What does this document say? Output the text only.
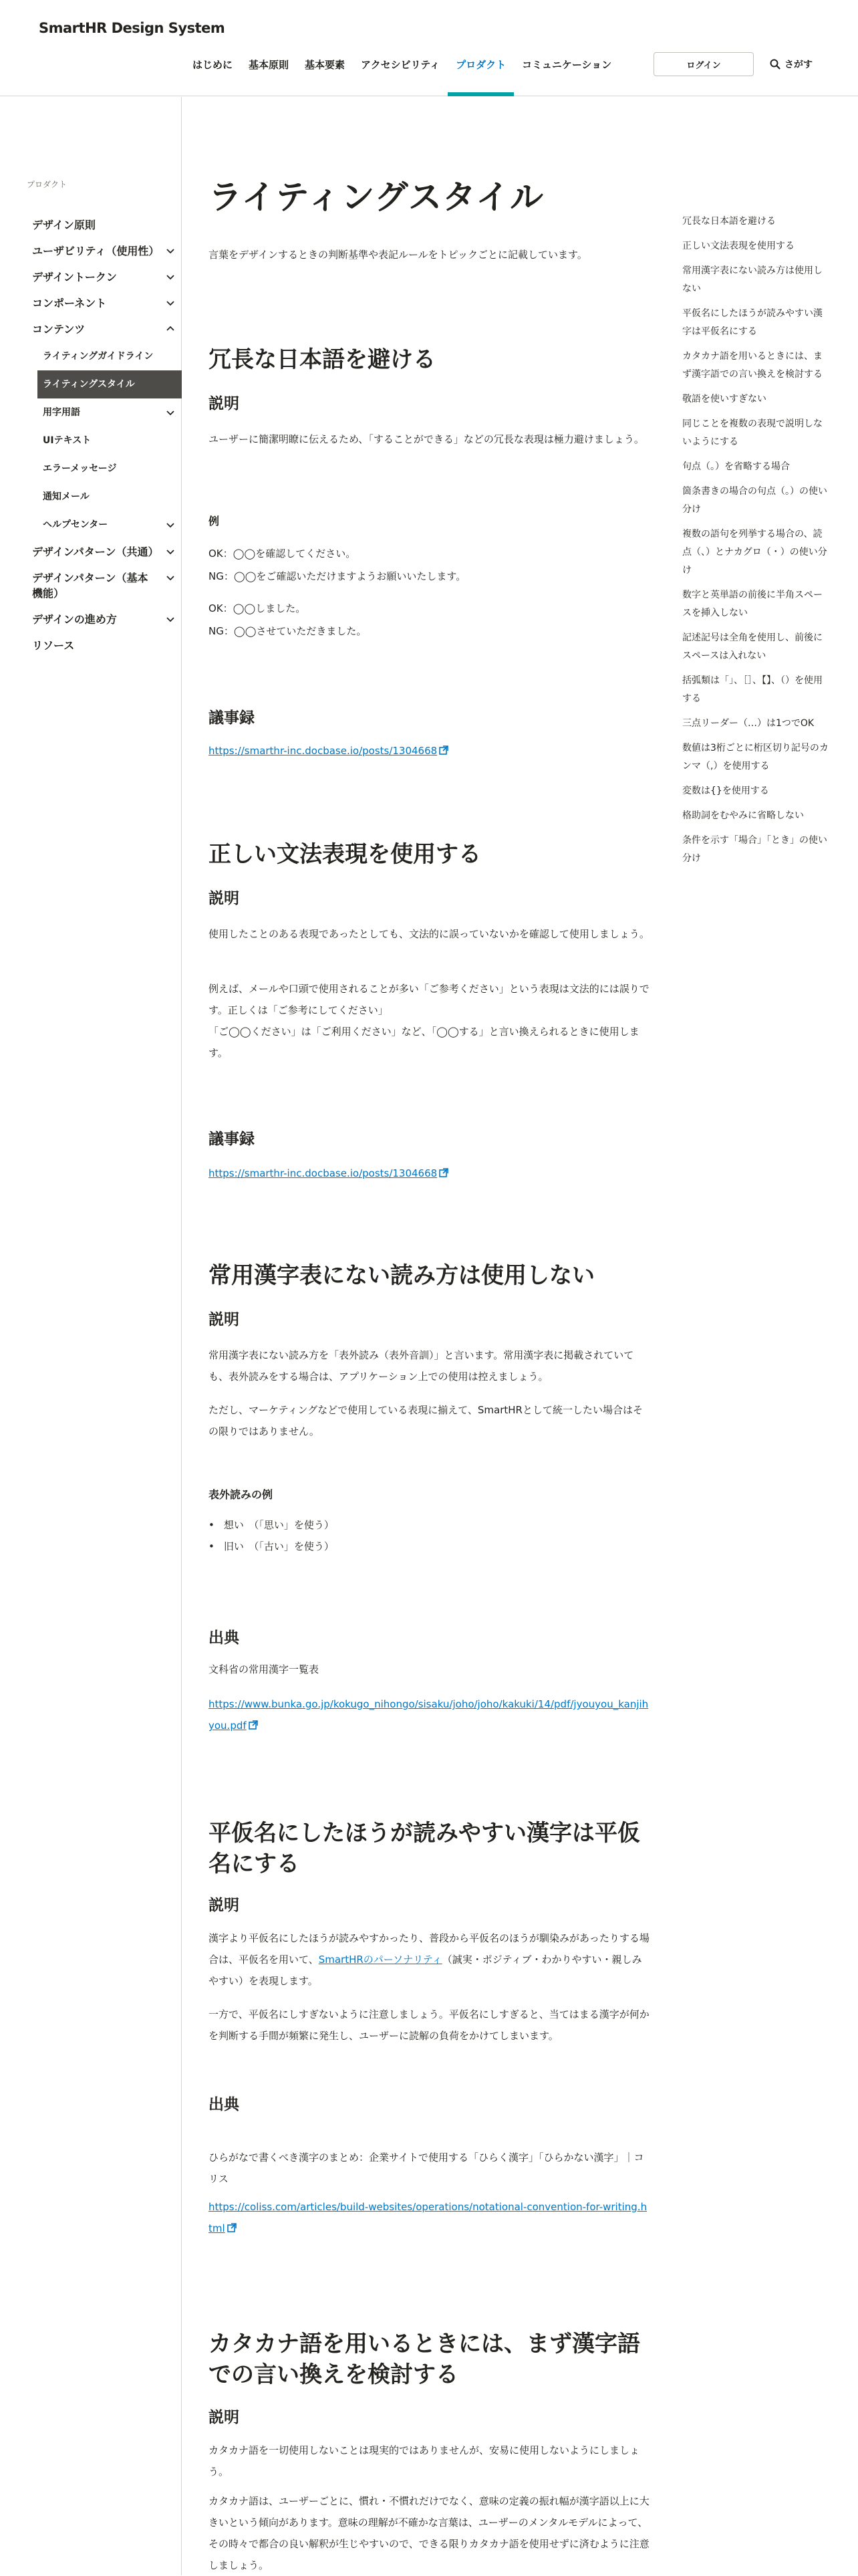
SmartHR Design System
はじめに	基本原則	基本要素	アクセシビリティ	プロダクト	コミュニケーション	ログイン	さがす
プロダクト
デザイン原則
ユーザビリティ（使用性）
デザイントークン
コンポーネント
コンテンツ
ライティングガイドライン
ライティングスタイル
用字用語
UIテキスト
エラーメッセージ
通知メール
ヘルプセンター
デザインパターン（共通）
デザインパターン（基本機能）
デザインの進め方
リソース
ライティングスタイル

言葉をデザインするときの判断基準や表記ルールをトピックごとに記載しています。

冗長な日本語を避ける
説明

ユーザーに簡潔明瞭に伝えるため、「することができる」などの冗長な表現は極力避けましょう。

例

OK：◯◯を確認してください。

NG：◯◯をご確認いただけますようお願いいたします。

OK：◯◯しました。

NG：◯◯させていただきました。

議事録

https://smarthr-inc.docbase.io/posts/1304668

正しい文法表現を使用する
説明

使用したことのある表現であったとしても、文法的に誤っていないかを確認して使用しましょう。

例えば、メールや口頭で使用されることが多い「ご参考ください」という表現は文法的には誤りです。正しくは「ご参考にしてください」

「ご◯◯ください」は「ご利用ください」など、「◯◯する」と言い換えられるときに使用します。

議事録

https://smarthr-inc.docbase.io/posts/1304668

常用漢字表にない読み方は使用しない
説明

常用漢字表にない読み方を「表外読み（表外音訓）」と言います。常用漢字表に掲載されていても、表外読みをする場合は、アプリケーション上での使用は控えましょう。

ただし、マーケティングなどで使用している表現に揃えて、SmartHRとして統一したい場合はその限りではありません。

表外読みの例
• 想い　（「思い」を使う）
• 旧い　（「古い」を使う）
出典

文科省の常用漢字一覧表

https://www.bunka.go.jp/kokugo_nihongo/sisaku/joho/joho/kakuki/14/pdf/jyouyou_kanjihyou.pdf

平仮名にしたほうが読みやすい漢字は平仮名にする
説明

漢字より平仮名にしたほうが読みやすかったり、普段から平仮名のほうが馴染みがあったりする場合は、平仮名を用いて、SmartHRのパーソナリティ（誠実・ポジティブ・わかりやすい・親しみやすい）を表現します。

一方で、平仮名にしすぎないように注意しましょう。平仮名にしすぎると、当てはまる漢字が何かを判断する手間が頻繁に発生し、ユーザーに読解の負荷をかけてしまいます。

出典

ひらがなで書くべき漢字のまとめ：企業サイトで使用する「ひらく漢字」「ひらかない漢字」｜コリス

https://coliss.com/articles/build-websites/operations/notational-convention-for-writing.html

カタカナ語を用いるときには、まず漢字語での言い換えを検討する
説明

カタカナ語を一切使用しないことは現実的ではありませんが、安易に使用しないようにしましょう。

カタカナ語は、ユーザーごとに、慣れ・不慣れだけでなく、意味の定義の振れ幅が漢字語以上に大きいという傾向があります。意味の理解が不確かな言葉は、ユーザーのメンタルモデルによって、その時々で都合の良い解釈が生じやすいので、できる限りカタカナ語を使用せずに済むように注意しましょう。

冗長な日本語を避ける
正しい文法表現を使用する
常用漢字表にない読み方は使用しない
平仮名にしたほうが読みやすい漢字は平仮名にする
カタカナ語を用いるときには、まず漢字語での言い換えを検討する
敬語を使いすぎない
同じことを複数の表現で説明しないようにする
句点（。）を省略する場合
箇条書きの場合の句点（。）の使い分け
複数の語句を列挙する場合の、読点（、）とナカグロ（・）の使い分け
数字と英単語の前後に半角スペースを挿入しない
記述記号は全角を使用し、前後にスペースは入れない
括弧類は「」、［］、【】、（）を使用する
三点リーダー（…）は1つでOK
数値は3桁ごとに桁区切り記号のカンマ（,）を使用する
変数は{}を使用する
格助詞をむやみに省略しない
条件を示す「場合」「とき」の使い分け
